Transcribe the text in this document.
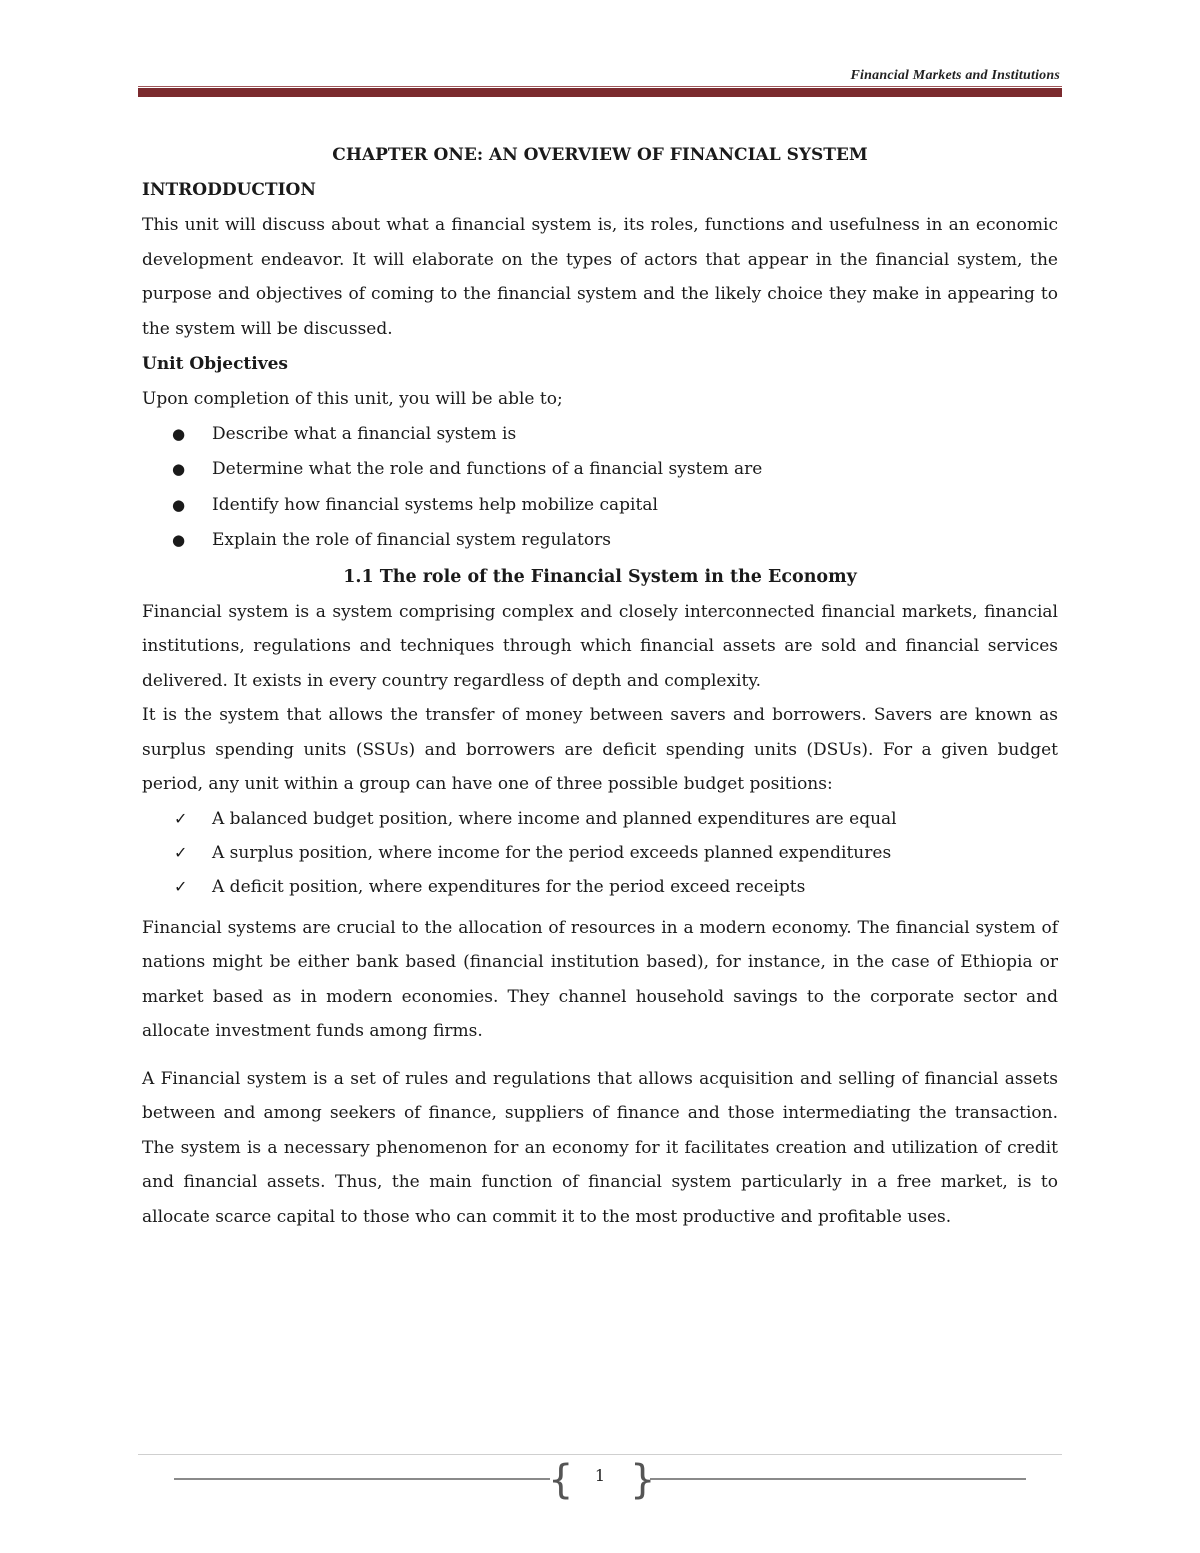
Financial Markets and Institutions
CHAPTER ONE: AN OVERVIEW OF FINANCIAL SYSTEM
INTRODDUCTION

This unit will discuss about what a financial system is, its roles, functions and usefulness in an economic development endeavor. It will elaborate on the types of actors that appear in the financial system, the purpose and objectives of coming to the financial system and the likely choice they make in appearing to the system will be discussed.

Unit Objectives

Upon completion of this unit, you will be able to;

● Describe what a financial system is
● Determine what the role and functions of a financial system are
● Identify how financial systems help mobilize capital
● Explain the role of financial system regulators
1.1 The role of the Financial System in the Economy

Financial system is a system comprising complex and closely interconnected financial markets, financial institutions, regulations and techniques through which financial assets are sold and financial services delivered. It exists in every country regardless of depth and complexity.

It is the system that allows the transfer of money between savers and borrowers. Savers are known as surplus spending units (SSUs) and borrowers are deficit spending units (DSUs). For a given budget period, any unit within a group can have one of three possible budget positions:

✓ A balanced budget position, where income and planned expenditures are equal
✓ A surplus position, where income for the period exceeds planned expenditures
✓ A deficit position, where expenditures for the period exceed receipts

Financial systems are crucial to the allocation of resources in a modern economy. The financial system of nations might be either bank based (financial institution based), for instance, in the case of Ethiopia or market based as in modern economies. They channel household savings to the corporate sector and allocate investment funds among firms.

A Financial system is a set of rules and regulations that allows acquisition and selling of financial assets between and among seekers of finance, suppliers of finance and those intermediating the transaction. The system is a necessary phenomenon for an economy for it facilitates creation and utilization of credit and financial assets. Thus, the main function of financial system particularly in a free market, is to allocate scarce capital to those who can commit it to the most productive and profitable uses.

{	1 }
